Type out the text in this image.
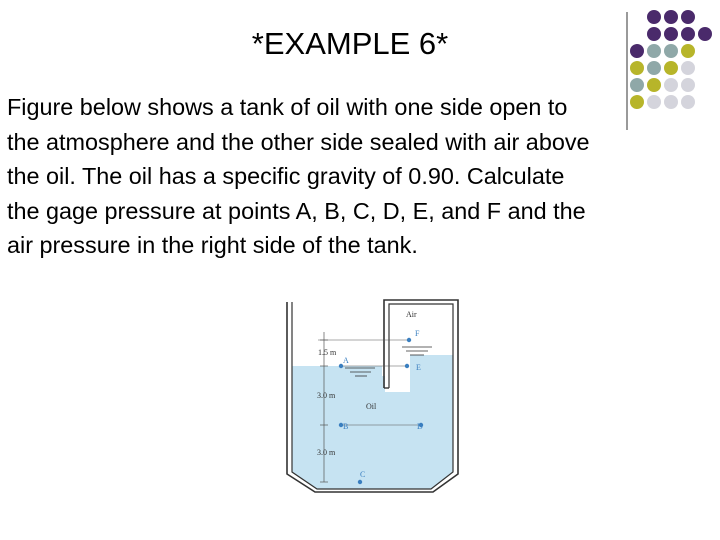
*EXAMPLE 6*
Figure below shows a tank of oil with one side open to
the atmosphere and the other side sealed with air above
the oil. The oil has a specific gravity of 0.90. Calculate
the gage pressure at points A, B, C, D, E, and F and the
air pressure in the right side of the tank.
1.5 m
3.0 m
3.0 m
Air
Oil
A
B
C
D
E
F
